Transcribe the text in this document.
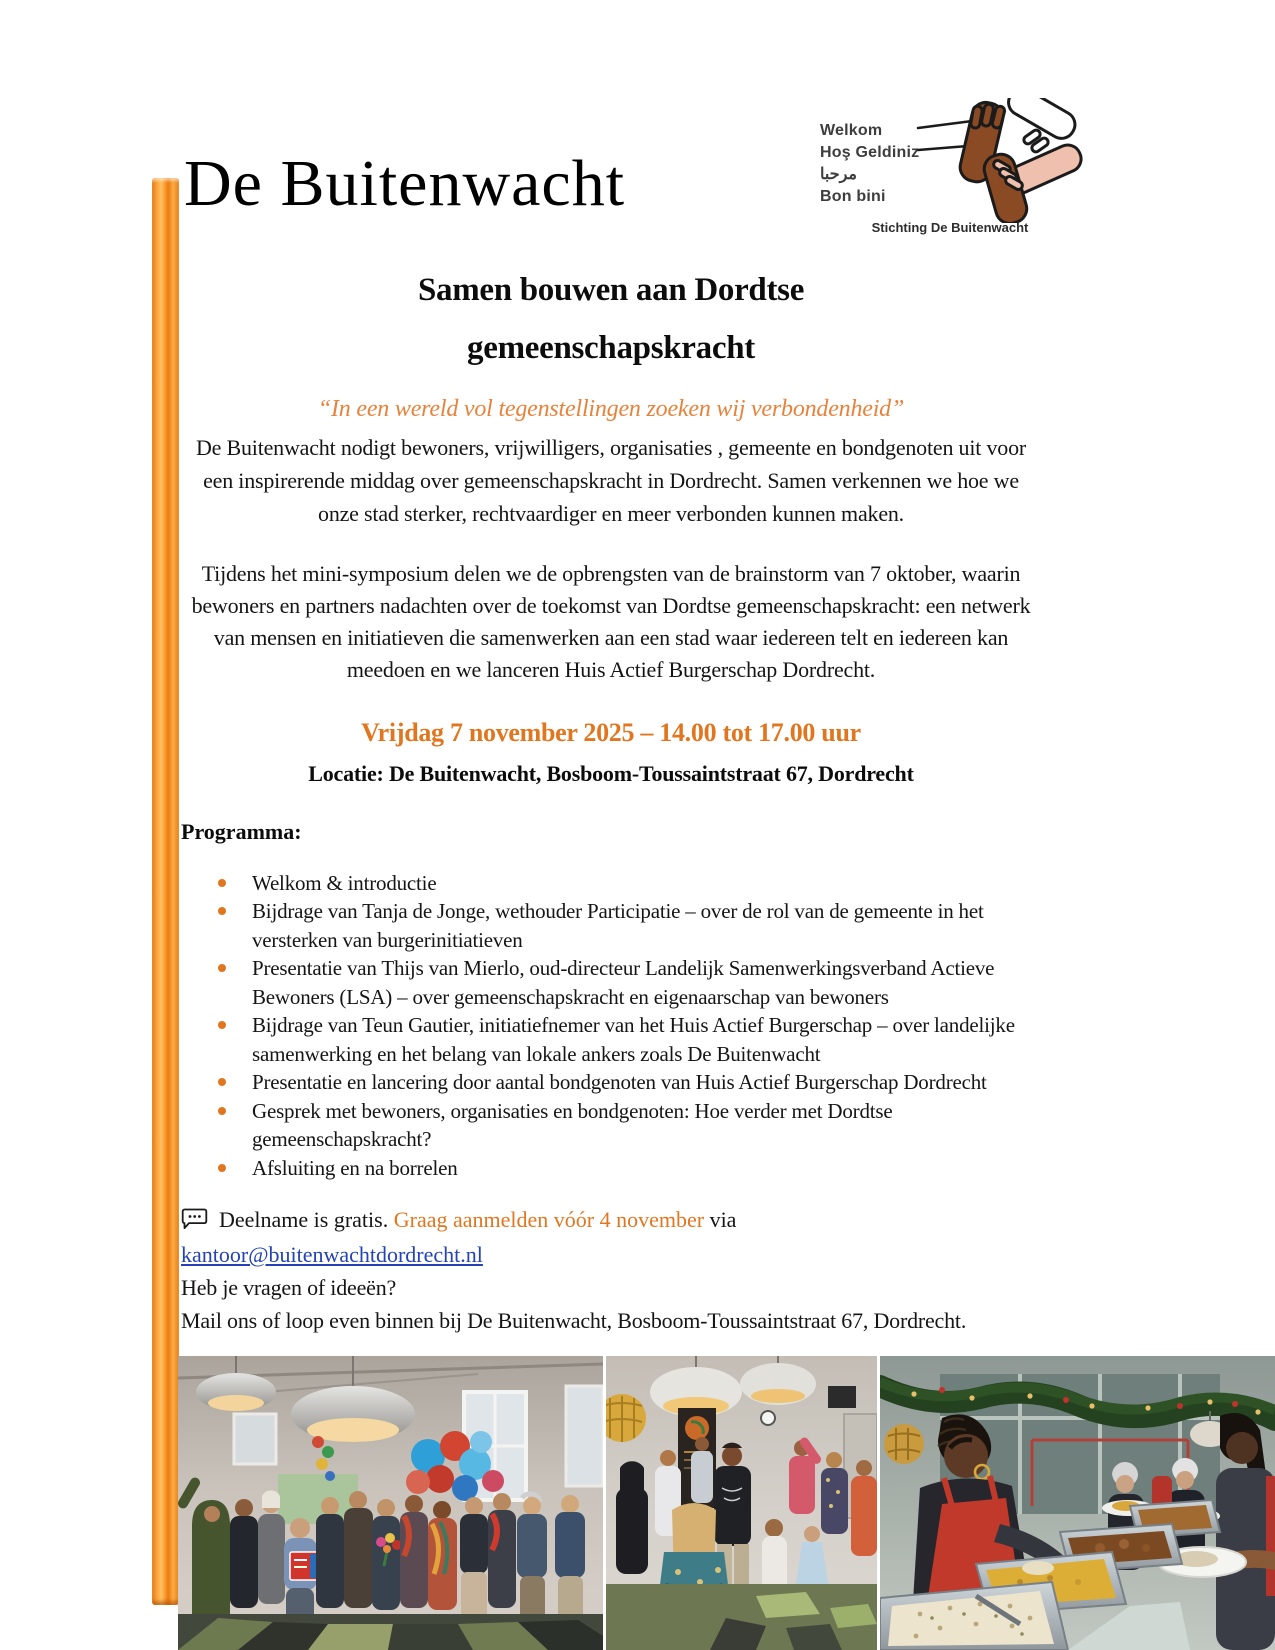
De Buitenwacht
Welkom
Hoş Geldiniz
مرحبا
Bon bini
Stichting De Buitenwacht
Samen bouwen aan Dordtse gemeenschapskracht
“In een wereld vol tegenstellingen zoeken wij verbondenheid”

De Buitenwacht nodigt bewoners, vrijwilligers, organisaties , gemeente en bondgenoten uit voor een inspirerende middag over gemeenschapskracht in Dordrecht. Samen verkennen we hoe we onze stad sterker, rechtvaardiger en meer verbonden kunnen maken.

Tijdens het mini-symposium delen we de opbrengsten van de brainstorm van 7 oktober, waarin bewoners en partners nadachten over de toekomst van Dordtse gemeenschapskracht: een netwerk van mensen en initiatieven die samenwerken aan een stad waar iedereen telt en iedereen kan meedoen en we lanceren Huis Actief Burgerschap Dordrecht.

Vrijdag 7 november 2025 – 14.00 tot 17.00 uur
Locatie: De Buitenwacht, Bosboom-Toussaintstraat 67, Dordrecht
Programma:
Welkom & introductie
Bijdrage van Tanja de Jonge, wethouder Participatie – over de rol van de gemeente in het versterken van burgerinitiatieven
Presentatie van Thijs van Mierlo, oud-directeur Landelijk Samenwerkingsverband Actieve Bewoners (LSA) – over gemeenschapskracht en eigenaarschap van bewoners
Bijdrage van Teun Gautier, initiatiefnemer van het Huis Actief Burgerschap – over landelijke samenwerking en het belang van lokale ankers zoals De Buitenwacht
Presentatie en lancering door aantal bondgenoten van Huis Actief Burgerschap Dordrecht
Gesprek met bewoners, organisaties en bondgenoten: Hoe verder met Dordtse gemeenschapskracht?
Afsluiting en na borrelen
Deelname is gratis. Graag aanmelden vóór 4 november via
kantoor@buitenwachtdordrecht.nl
Heb je vragen of ideeën?
Mail ons of loop even binnen bij De Buitenwacht, Bosboom-Toussaintstraat 67, Dordrecht.
